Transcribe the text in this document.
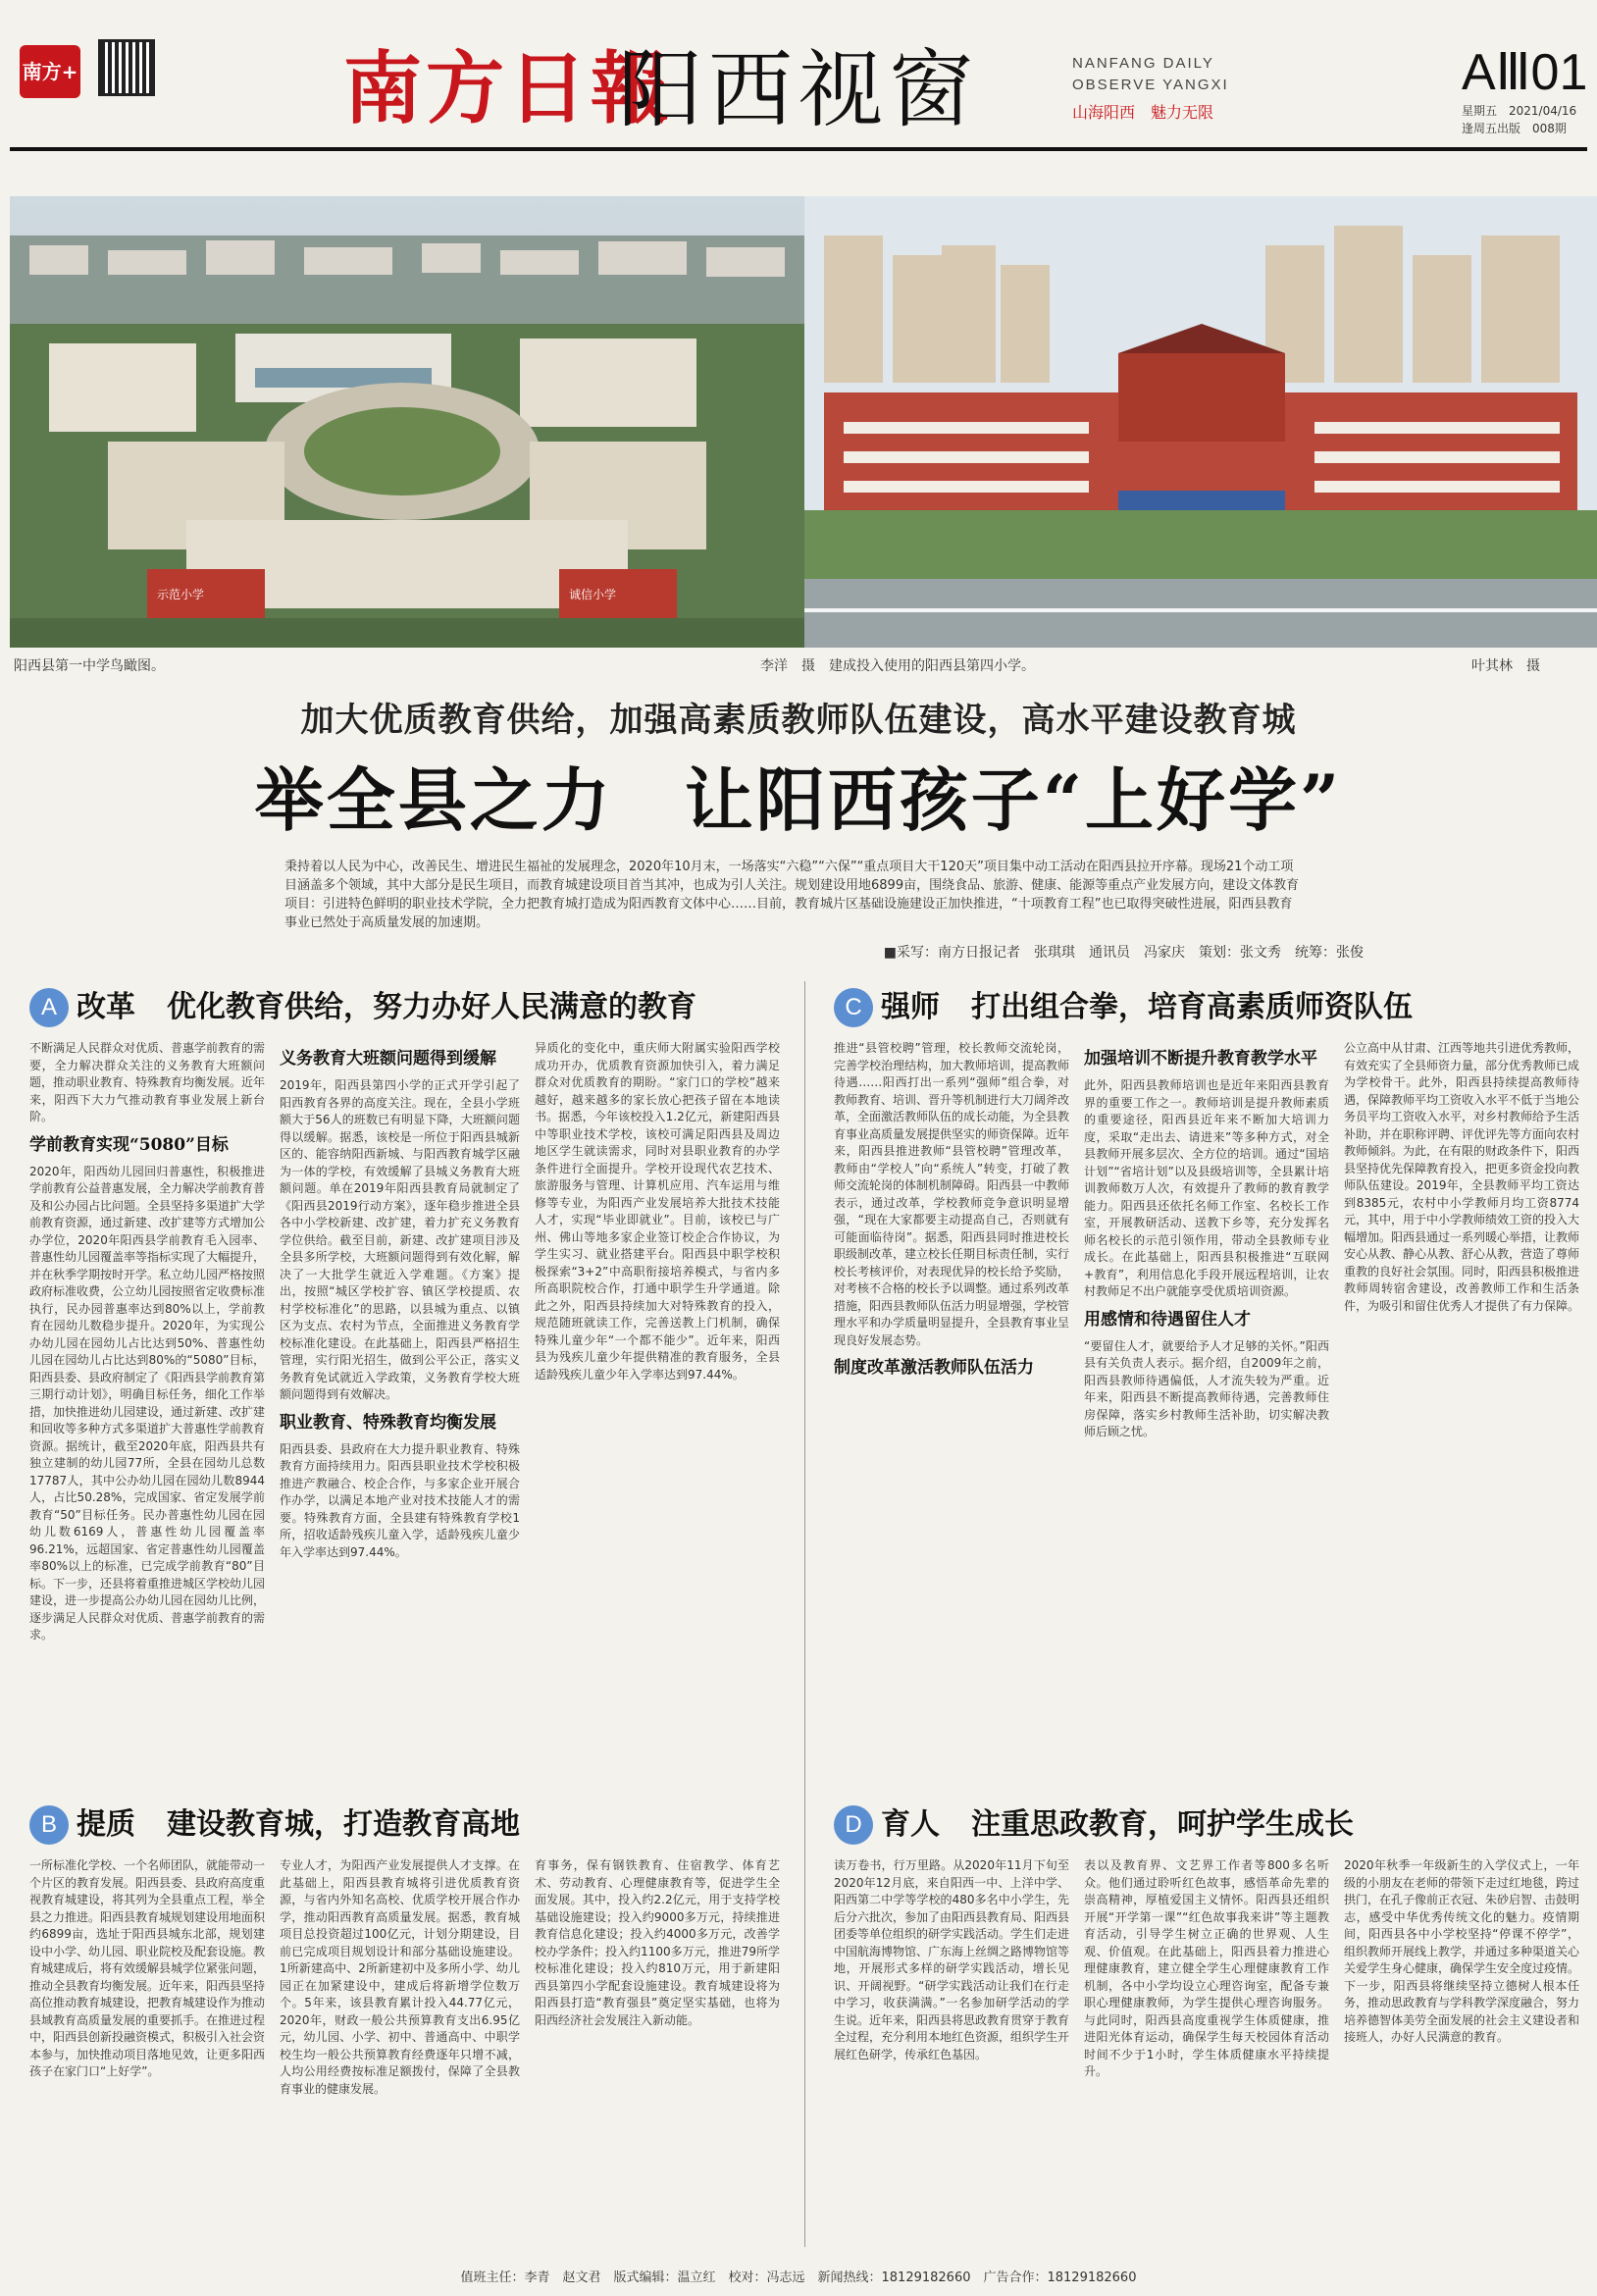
南方+	南方日報
阳西视窗	NANFANG DAILY
OBSERVE YANGXI
山海阳西　魅力无限
AⅢ01
星期五　2021/04/16
逢周五出版　008期
示范小学	诚信小学
阳西县第一中学鸟瞰图。	李洋　摄　建成投入使用的阳西县第四小学。	叶其林　摄
加大优质教育供给，加强高素质教师队伍建设，高水平建设教育城
举全县之力　让阳西孩子“上好学”
秉持着以人民为中心，改善民生、增进民生福祉的发展理念，2020年10月末，一场落实“六稳”“六保”“重点项目大干120天”项目集中动工活动在阳西县拉开序幕。现场21个动工项目涵盖多个领域，其中大部分是民生项目，而教育城建设项目首当其冲，也成为引人关注。规划建设用地6899亩，围绕食品、旅游、健康、能源等重点产业发展方向，建设文体教育项目：引进特色鲜明的职业技术学院，全力把教育城打造成为阳西教育文体中心……目前，教育城片区基础设施建设正加快推进，“十项教育工程”也已取得突破性进展，阳西县教育事业已然处于高质量发展的加速期。
■采写：南方日报记者　张琪琪　通讯员　冯家庆　策划：张文秀　统筹：张俊
A 改革 优化教育供给，努力办好人民满意的教育

不断满足人民群众对优质、普惠学前教育的需要，全力解决群众关注的义务教育大班额问题，推动职业教育、特殊教育均衡发展。近年来，阳西下大力气推动教育事业发展上新台阶。

学前教育实现“5080”目标

2020年，阳西幼儿园回归普惠性，积极推进学前教育公益普惠发展，全力解决学前教育普及和公办园占比问题。全县坚持多渠道扩大学前教育资源，通过新建、改扩建等方式增加公办学位，2020年阳西县学前教育毛入园率、普惠性幼儿园覆盖率等指标实现了大幅提升，并在秋季学期按时开学。私立幼儿园严格按照政府标准收费，公立幼儿园按照省定收费标准执行，民办园普惠率达到80%以上，学前教育在园幼儿数稳步提升。2020年，为实现公办幼儿园在园幼儿占比达到50%、普惠性幼儿园在园幼儿占比达到80%的“5080”目标，阳西县委、县政府制定了《阳西县学前教育第三期行动计划》，明确目标任务，细化工作举措，加快推进幼儿园建设，通过新建、改扩建和回收等多种方式多渠道扩大普惠性学前教育资源。据统计，截至2020年底，阳西县共有独立建制的幼儿园77所，全县在园幼儿总数17787人，其中公办幼儿园在园幼儿数8944人，占比50.28%，完成国家、省定发展学前教育“50”目标任务。民办普惠性幼儿园在园幼儿数6169人，普惠性幼儿园覆盖率96.21%，远超国家、省定普惠性幼儿园覆盖率80%以上的标准，已完成学前教育“80”目标。下一步，还县将着重推进城区学校幼儿园建设，进一步提高公办幼儿园在园幼儿比例，逐步满足人民群众对优质、普惠学前教育的需求。

义务教育大班额问题得到缓解

2019年，阳西县第四小学的正式开学引起了阳西教育各界的高度关注。现在，全县小学班额大于56人的班数已有明显下降，大班额问题得以缓解。据悉，该校是一所位于阳西县城新区的、能容纳阳西新城、与阳西教育城学区融为一体的学校，有效缓解了县城义务教育大班额问题。单在2019年阳西县教育局就制定了《阳西县2019行动方案》，逐年稳步推进全县各中小学校新建、改扩建，着力扩充义务教育学位供给。截至目前，新建、改扩建项目涉及全县多所学校，大班额问题得到有效化解，解决了一大批学生就近入学难题。《方案》提出，按照“城区学校扩容、镇区学校提质、农村学校标准化”的思路，以县城为重点、以镇区为支点、农村为节点，全面推进义务教育学校标准化建设。在此基础上，阳西县严格招生管理，实行阳光招生，做到公平公正，落实义务教育免试就近入学政策，义务教育学校大班额问题得到有效解决。

职业教育、特殊教育均衡发展

阳西县委、县政府在大力提升职业教育、特殊教育方面持续用力。阳西县职业技术学校积极推进产教融合、校企合作，与多家企业开展合作办学，以满足本地产业对技术技能人才的需要。特殊教育方面，全县建有特殊教育学校1所，招收适龄残疾儿童入学，适龄残疾儿童少年入学率达到97.44%。

异质化的变化中，重庆师大附属实验阳西学校成功开办，优质教育资源加快引入，着力满足群众对优质教育的期盼。“家门口的学校”越来越好，越来越多的家长放心把孩子留在本地读书。据悉，今年该校投入1.2亿元，新建阳西县中等职业技术学校，该校可满足阳西县及周边地区学生就读需求，同时对县职业教育的办学条件进行全面提升。学校开设现代农艺技术、旅游服务与管理、计算机应用、汽车运用与维修等专业，为阳西产业发展培养大批技术技能人才，实现“毕业即就业”。目前，该校已与广州、佛山等地多家企业签订校企合作协议，为学生实习、就业搭建平台。阳西县中职学校积极探索“3+2”中高职衔接培养模式，与省内多所高职院校合作，打通中职学生升学通道。除此之外，阳西县持续加大对特殊教育的投入，规范随班就读工作，完善送教上门机制，确保特殊儿童少年“一个都不能少”。近年来，阳西县为残疾儿童少年提供精准的教育服务，全县适龄残疾儿童少年入学率达到97.44%。

C 强师 打出组合拳，培育高素质师资队伍

推进“县管校聘”管理，校长教师交流轮岗，完善学校治理结构，加大教师培训，提高教师待遇……阳西打出一系列“强师”组合拳，对教师教育、培训、晋升等机制进行大刀阔斧改革，全面激活教师队伍的成长动能，为全县教育事业高质量发展提供坚实的师资保障。近年来，阳西县推进教师“县管校聘”管理改革，教师由“学校人”向“系统人”转变，打破了教师交流轮岗的体制机制障碍。阳西县一中教师表示，通过改革，学校教师竞争意识明显增强，“现在大家都要主动提高自己，否则就有可能面临待岗”。据悉，阳西县同时推进校长职级制改革，建立校长任期目标责任制，实行校长考核评价，对表现优异的校长给予奖励，对考核不合格的校长予以调整。通过系列改革措施，阳西县教师队伍活力明显增强，学校管理水平和办学质量明显提升，全县教育事业呈现良好发展态势。

制度改革激活教师队伍活力
加强培训不断提升教育教学水平

此外，阳西县教师培训也是近年来阳西县教育界的重要工作之一。教师培训是提升教师素质的重要途径，阳西县近年来不断加大培训力度，采取“走出去、请进来”等多种方式，对全县教师开展多层次、全方位的培训。通过“国培计划”“省培计划”以及县级培训等，全县累计培训教师数万人次，有效提升了教师的教育教学能力。阳西县还依托名师工作室、名校长工作室，开展教研活动、送教下乡等，充分发挥名师名校长的示范引领作用，带动全县教师专业成长。在此基础上，阳西县积极推进“互联网+教育”，利用信息化手段开展远程培训，让农村教师足不出户就能享受优质培训资源。

用感情和待遇留住人才

“要留住人才，就要给予人才足够的关怀。”阳西县有关负责人表示。据介绍，自2009年之前，阳西县教师待遇偏低，人才流失较为严重。近年来，阳西县不断提高教师待遇，完善教师住房保障，落实乡村教师生活补助，切实解决教师后顾之忧。

公立高中从甘肃、江西等地共引进优秀教师，有效充实了全县师资力量，部分优秀教师已成为学校骨干。此外，阳西县持续提高教师待遇，保障教师平均工资收入水平不低于当地公务员平均工资收入水平，对乡村教师给予生活补助，并在职称评聘、评优评先等方面向农村教师倾斜。为此，在有限的财政条件下，阳西县坚持优先保障教育投入，把更多资金投向教师队伍建设。2019年，全县教师平均工资达到8385元，农村中小学教师月均工资8774元，其中，用于中小学教师绩效工资的投入大幅增加。阳西县通过一系列暖心举措，让教师安心从教、静心从教、舒心从教，营造了尊师重教的良好社会氛围。同时，阳西县积极推进教师周转宿舍建设，改善教师工作和生活条件，为吸引和留住优秀人才提供了有力保障。

B 提质 建设教育城，打造教育高地

一所标准化学校、一个名师团队，就能带动一个片区的教育发展。阳西县委、县政府高度重视教育城建设，将其列为全县重点工程，举全县之力推进。阳西县教育城规划建设用地面积约6899亩，选址于阳西县城东北部，规划建设中小学、幼儿园、职业院校及配套设施。教育城建成后，将有效缓解县城学位紧张问题，推动全县教育均衡发展。近年来，阳西县坚持高位推动教育城建设，把教育城建设作为推动县域教育高质量发展的重要抓手。在推进过程中，阳西县创新投融资模式，积极引入社会资本参与，加快推动项目落地见效，让更多阳西孩子在家门口“上好学”。

专业人才，为阳西产业发展提供人才支撑。在此基础上，阳西县教育城将引进优质教育资源，与省内外知名高校、优质学校开展合作办学，推动阳西教育高质量发展。据悉，教育城项目总投资超过100亿元，计划分期建设，目前已完成项目规划设计和部分基础设施建设。1所新建高中、2所新建初中及多所小学、幼儿园正在加紧建设中，建成后将新增学位数万个。5年来，该县教育累计投入44.77亿元，2020年，财政一般公共预算教育支出6.95亿元，幼儿园、小学、初中、普通高中、中职学校生均一般公共预算教育经费逐年只增不减，人均公用经费按标准足额拨付，保障了全县教育事业的健康发展。

育事务，保有钢铁教育、住宿教学、体育艺术、劳动教育、心理健康教育等，促进学生全面发展。其中，投入约2.2亿元，用于支持学校基础设施建设；投入约9000多万元，持续推进教育信息化建设；投入约4000多万元，改善学校办学条件；投入约1100多万元，推进79所学校标准化建设；投入约810万元，用于新建阳西县第四小学配套设施建设。教育城建设将为阳西县打造“教育强县”奠定坚实基础，也将为阳西经济社会发展注入新动能。

D 育人 注重思政教育，呵护学生成长

读万卷书，行万里路。从2020年11月下旬至2020年12月底，来自阳西一中、上洋中学、阳西第二中学等学校的480多名中小学生，先后分六批次，参加了由阳西县教育局、阳西县团委等单位组织的研学实践活动。学生们走进中国航海博物馆、广东海上丝绸之路博物馆等地，开展形式多样的研学实践活动，增长见识、开阔视野。“研学实践活动让我们在行走中学习，收获满满。”一名参加研学活动的学生说。近年来，阳西县将思政教育贯穿于教育全过程，充分利用本地红色资源，组织学生开展红色研学，传承红色基因。

表以及教育界、文艺界工作者等800多名听众。他们通过聆听红色故事，感悟革命先辈的崇高精神，厚植爱国主义情怀。阳西县还组织开展“开学第一课”“红色故事我来讲”等主题教育活动，引导学生树立正确的世界观、人生观、价值观。在此基础上，阳西县着力推进心理健康教育，建立健全学生心理健康教育工作机制，各中小学均设立心理咨询室，配备专兼职心理健康教师，为学生提供心理咨询服务。与此同时，阳西县高度重视学生体质健康，推进阳光体育运动，确保学生每天校园体育活动时间不少于1小时，学生体质健康水平持续提升。

2020年秋季一年级新生的入学仪式上，一年级的小朋友在老师的带领下走过红地毯，跨过拱门，在孔子像前正衣冠、朱砂启智、击鼓明志，感受中华优秀传统文化的魅力。疫情期间，阳西县各中小学校坚持“停课不停学”，组织教师开展线上教学，并通过多种渠道关心关爱学生身心健康，确保学生安全度过疫情。下一步，阳西县将继续坚持立德树人根本任务，推动思政教育与学科教学深度融合，努力培养德智体美劳全面发展的社会主义建设者和接班人，办好人民满意的教育。

值班主任：李青　赵文君　版式编辑：温立红　校对：冯志远　新闻热线：18129182660　广告合作：18129182660
